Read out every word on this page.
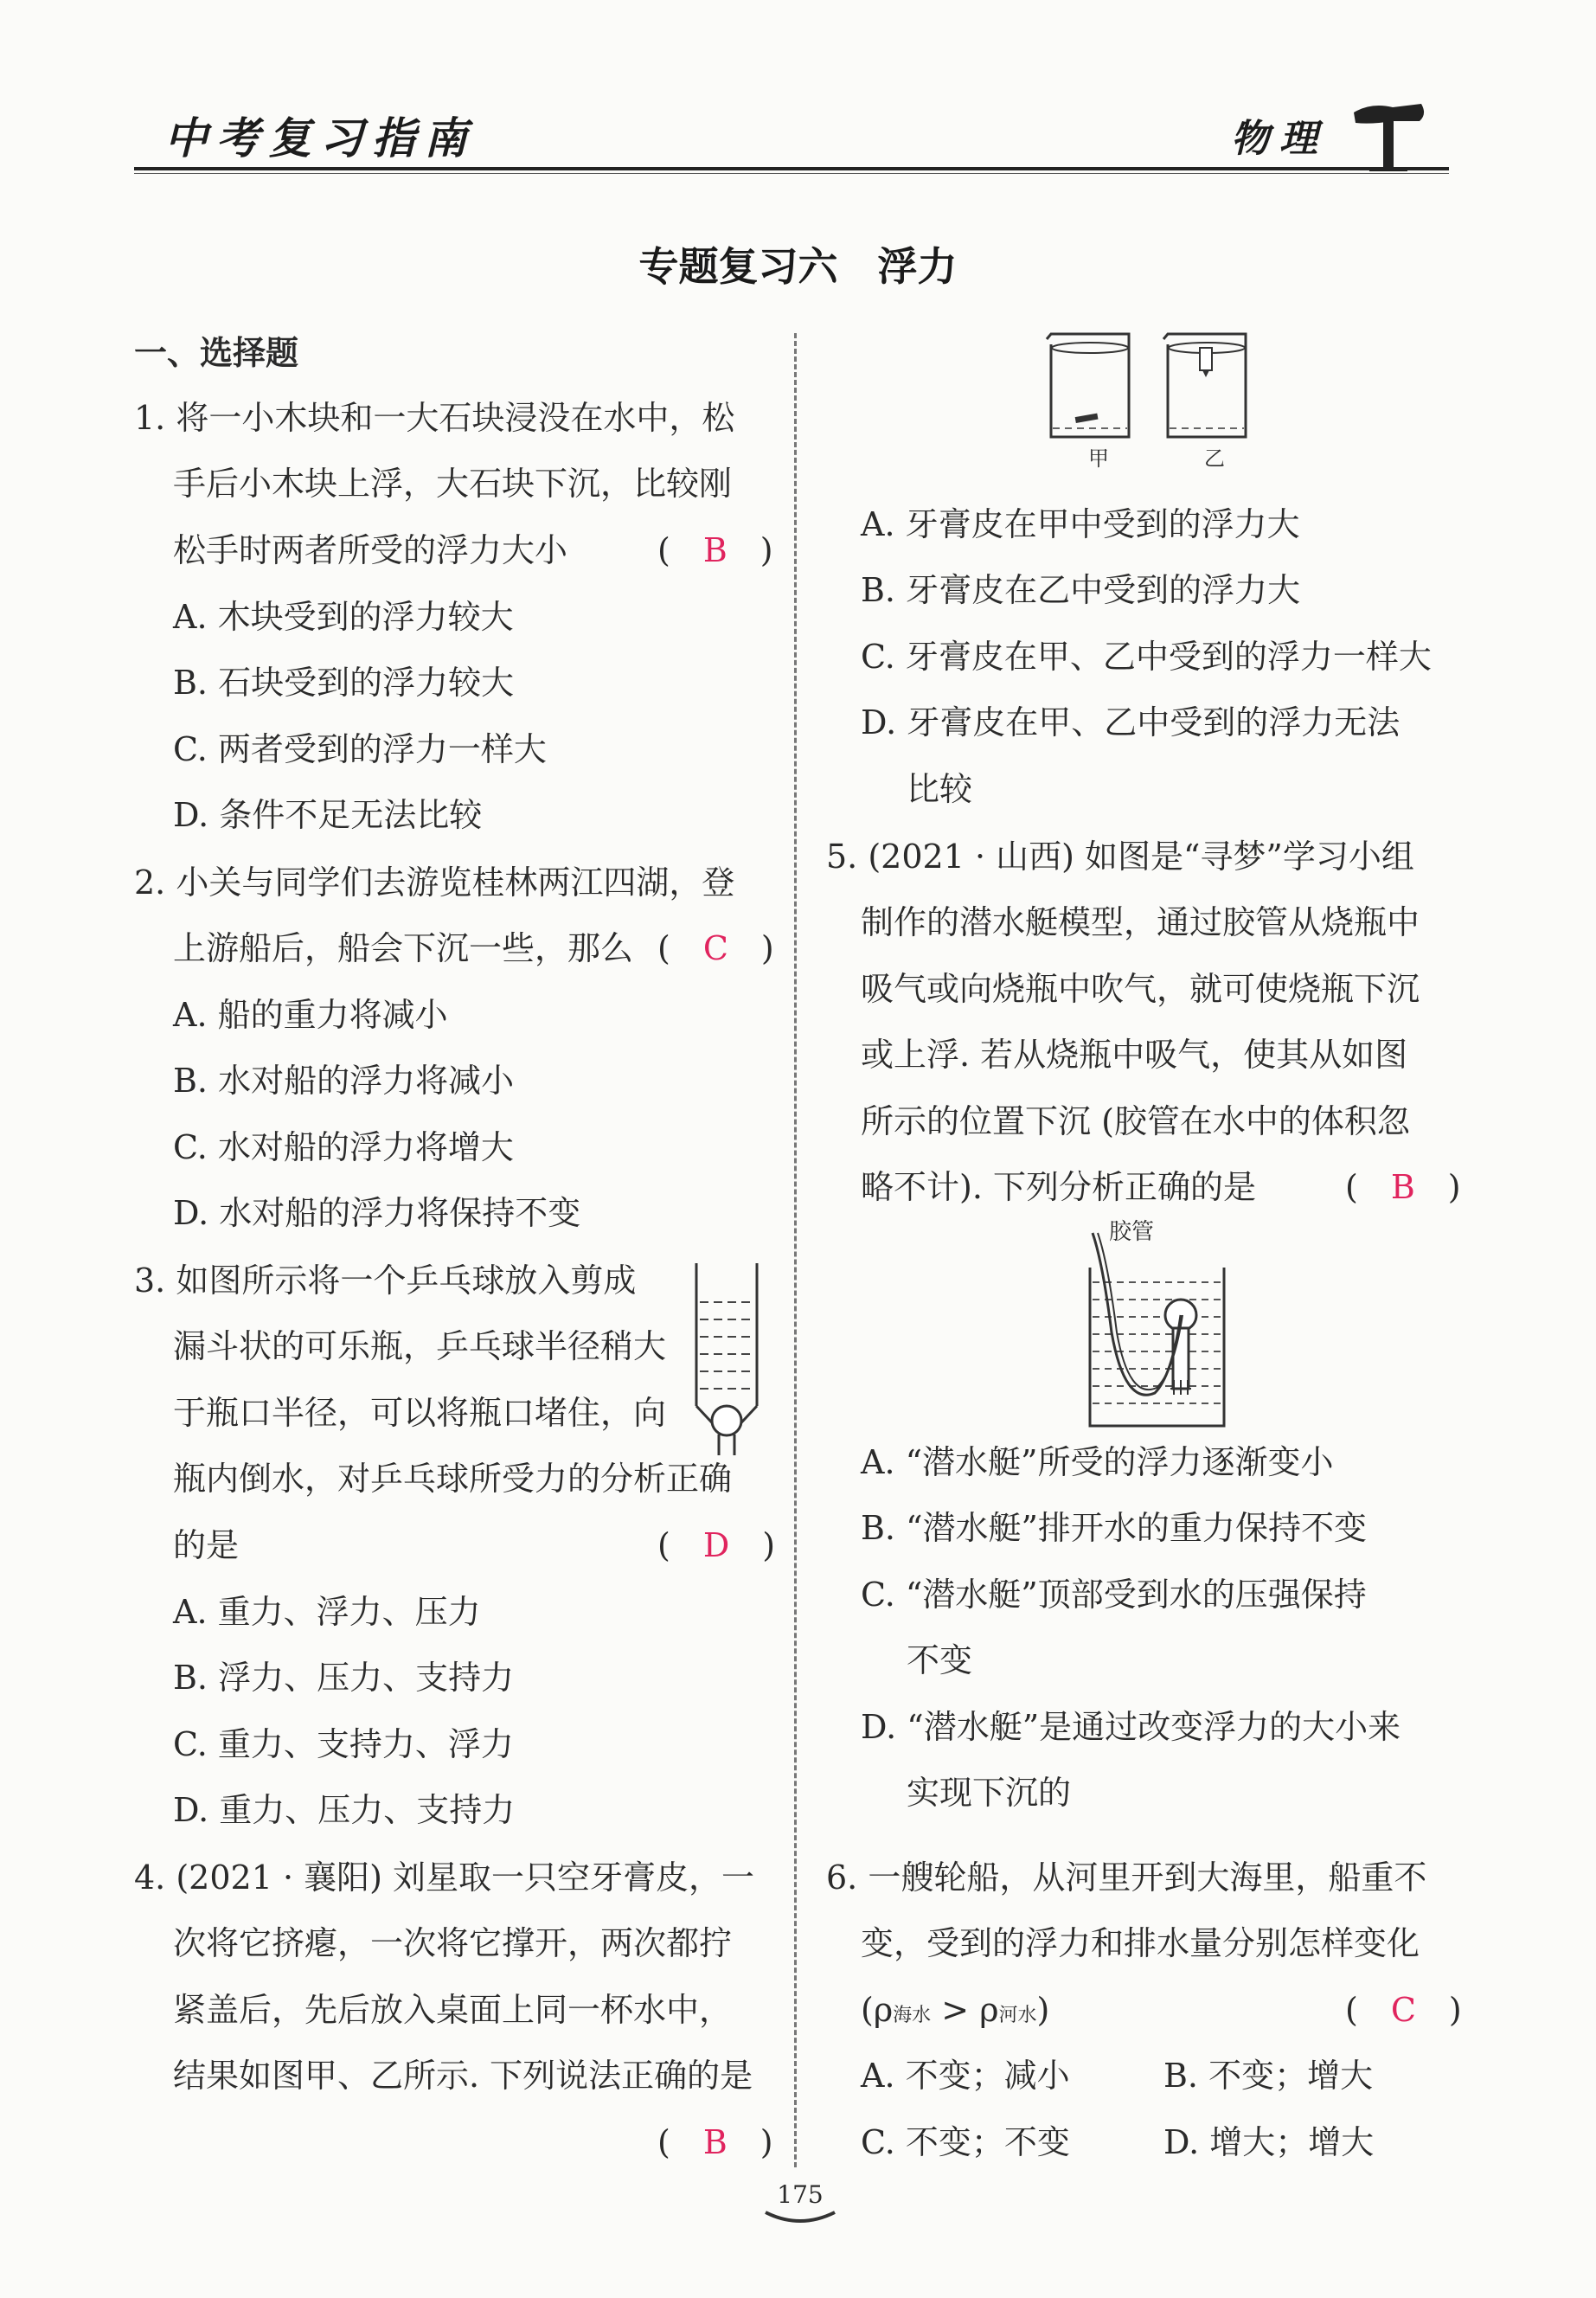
中考复习指南	物理
专题复习六　浮力
一、选择题
1. 将一小木块和一大石块浸没在水中，松
手后小木块上浮，大石块下沉，比较刚
松手时两者所受的浮力大小	(　B　)
A. 木块受到的浮力较大
B. 石块受到的浮力较大
C. 两者受到的浮力一样大
D. 条件不足无法比较
2. 小关与同学们去游览桂林两江四湖，登
上游船后，船会下沉一些，那么 (　C　)
A. 船的重力将减小
B. 水对船的浮力将减小
C. 水对船的浮力将增大
D. 水对船的浮力将保持不变
3. 如图所示将一个乒乓球放入剪成
漏斗状的可乐瓶，乒乓球半径稍大
于瓶口半径，可以将瓶口堵住，向
瓶内倒水，对乒乓球所受力的分析正确
的是	(　D　)
A. 重力、浮力、压力
B. 浮力、压力、支持力
C. 重力、支持力、浮力
D. 重力、压力、支持力
4. (2021 · 襄阳) 刘星取一只空牙膏皮，一
次将它挤瘪，一次将它撑开，两次都拧
紧盖后，先后放入桌面上同一杯水中，
结果如图甲、乙所示. 下列说法正确的是
(　B　)
甲	乙
A. 牙膏皮在甲中受到的浮力大
B. 牙膏皮在乙中受到的浮力大
C. 牙膏皮在甲、乙中受到的浮力一样大
D. 牙膏皮在甲、乙中受到的浮力无法
比较
5. (2021 · 山西) 如图是“寻梦”学习小组
制作的潜水艇模型，通过胶管从烧瓶中
吸气或向烧瓶中吹气，就可使烧瓶下沉
或上浮. 若从烧瓶中吸气，使其从如图
所示的位置下沉 (胶管在水中的体积忽
略不计). 下列分析正确的是	(　B　)
胶管
A. “潜水艇”所受的浮力逐渐变小
B. “潜水艇”排开水的重力保持不变
C. “潜水艇”顶部受到水的压强保持
不变
D. “潜水艇”是通过改变浮力的大小来
实现下沉的
6. 一艘轮船，从河里开到大海里，船重不
变，受到的浮力和排水量分别怎样变化
(ρ海水 > ρ河水)	(　C　)
A. 不变；减小	B. 不变；增大
C. 不变；不变	D. 增大；增大
175
